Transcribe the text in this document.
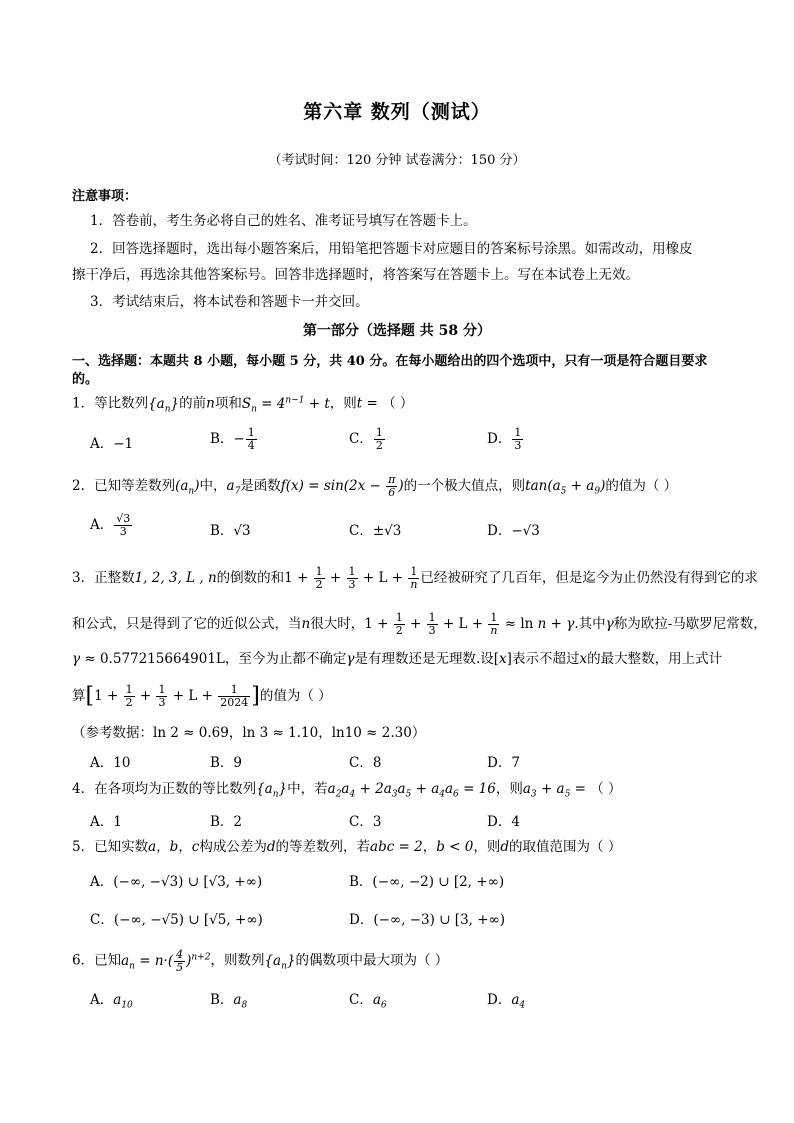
第六章 数列（测试）
（考试时间：120 分钟 试卷满分：150 分）
注意事项：
1．答卷前，考生务必将自己的姓名、准考证号填写在答题卡上。
2．回答选择题时，选出每小题答案后，用铅笔把答题卡对应题目的答案标号涂黑。如需改动，用橡皮
擦干净后，再选涂其他答案标号。回答非选择题时，将答案写在答题卡上。写在本试卷上无效。
3．考试结束后，将本试卷和答题卡一并交回。
第一部分（选择题 共 58 分）
一、选择题：本题共 8 小题，每小题 5 分，共 40 分。在每小题给出的四个选项中，只有一项是符合题目要求的。
1．等比数列$\{a_n\}$的前n项和$S_n = 4^{n-1} + t$，则t = （ ）
A．−1	B．− $\frac{1}{4}$	C． $\frac{1}{2}$	D． $\frac{1}{3}$
2．已知等差数列$(a_n)$中，$a_7$是函数$f(x) = \sin(2x - \frac{\pi}{6}$ )的一个极大值点，则$\tan(a_5 + a_9)$的值为（ ）
A． $\frac{√3}{3}$	B．√3	C．±√3	D．−√3
3．正整数1, 2, 3, L , n的倒数的和$1 + \frac{1}{2} + \frac{1}{3} + L + \frac{1}{n}$ 已经被研究了几百年，但是迄今为止仍然没有得到它的求
和公式，只是得到了它的近似公式，当n很大时，$1 + \frac{1}{2} + \frac{1}{3} + L + \frac{1}{n} \approx \ln n + \gamma$.其中γ称为欧拉-马歇罗尼常数，
γ ≈ 0.577215664901L，至今为止都不确定γ是有理数还是无理数.设[x]表示不超过x的最大整数，用上式计
算[$1 + \frac{1}{2} + \frac{1}{3} + L + \frac{1}{2024}$ ]的值为（ ）
（参考数据：ln 2 ≈ 0.69，ln 3 ≈ 1.10，ln10 ≈ 2.30）
A．10	B．9	C．8	D．7
4．在各项均为正数的等比数列$\{a_n\}$中，若$a_2a_4 + 2a_3a_5 + a_4a_6 = 16$，则$a_3 + a_5$ = （ ）
A．1	B．2	C．3	D．4
5．已知实数a，b，c构成公差为d的等差数列，若abc = 2，b < 0，则d的取值范围为（ ）
A．(−∞, −√3) ∪ [√3, +∞)	B．(−∞, −2) ∪ [2, +∞)
C．(−∞, −√5) ∪ [√5, +∞)	D．(−∞, −3) ∪ [3, +∞)
6．已知$a_n = n\cdot( \frac{4}{5} )^{n+2}$，则数列$\{a_n\}$的偶数项中最大项为（ ）
A．$a_{10}$	B．$a_8$	C．$a_6$	D．$a_4$
